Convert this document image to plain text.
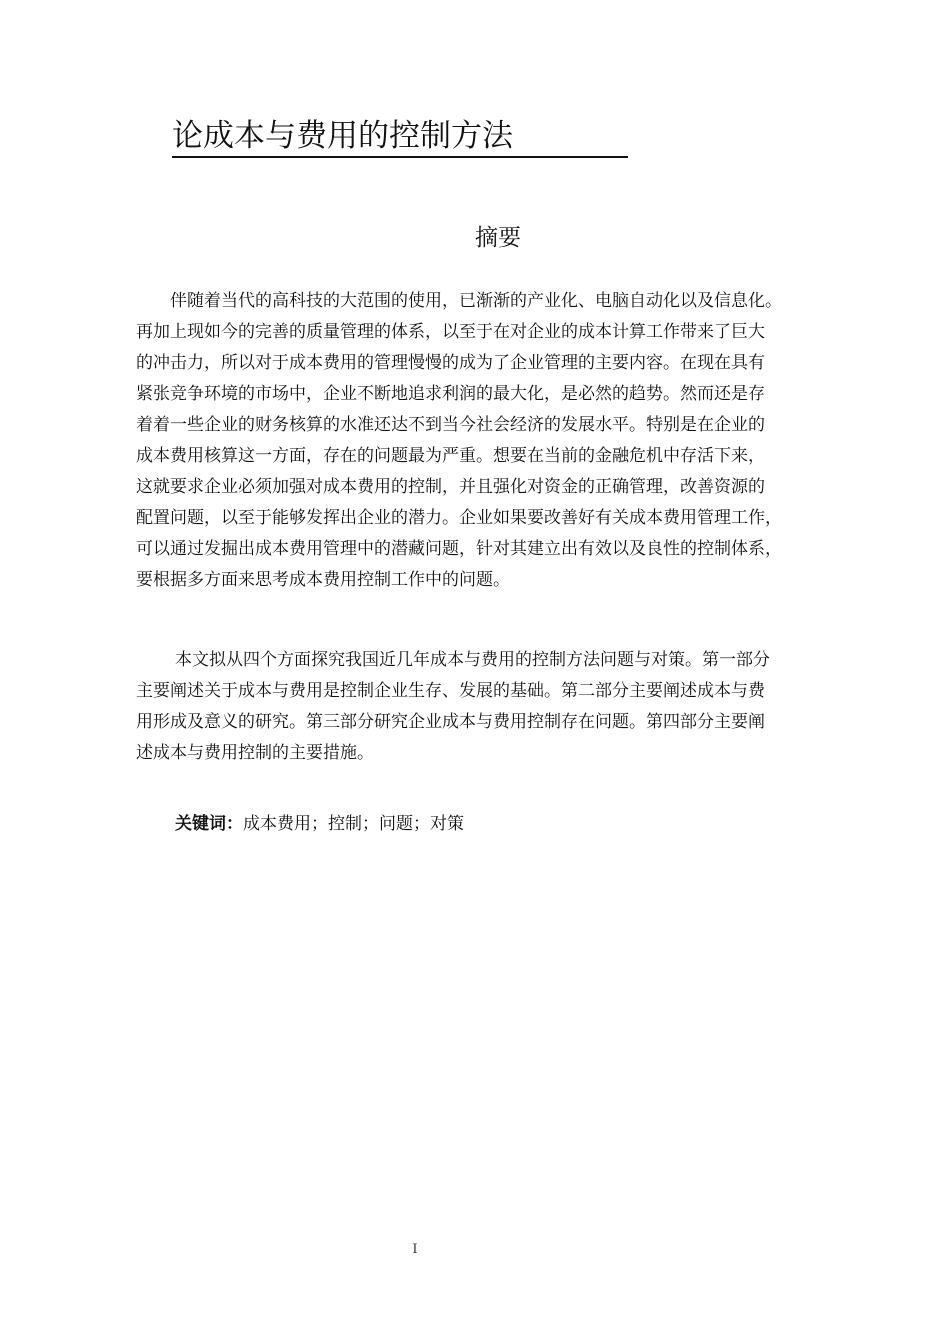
论成本与费用的控制方法
摘要
伴随着当代的高科技的大范围的使用，已渐渐的产业化、电脑自动化以及信息化。
再加上现如今的完善的质量管理的体系，以至于在对企业的成本计算工作带来了巨大
的冲击力，所以对于成本费用的管理慢慢的成为了企业管理的主要内容。在现在具有
紧张竞争环境的市场中，企业不断地追求利润的最大化，是必然的趋势。然而还是存
着着一些企业的财务核算的水准还达不到当今社会经济的发展水平。特别是在企业的
成本费用核算这一方面，存在的问题最为严重。想要在当前的金融危机中存活下来，
这就要求企业必须加强对成本费用的控制，并且强化对资金的正确管理，改善资源的
配置问题，以至于能够发挥出企业的潜力。企业如果要改善好有关成本费用管理工作，
可以通过发掘出成本费用管理中的潜藏问题，针对其建立出有效以及良性的控制体系，
要根据多方面来思考成本费用控制工作中的问题。
本文拟从四个方面探究我国近几年成本与费用的控制方法问题与对策。第一部分
主要阐述关于成本与费用是控制企业生存、发展的基础。第二部分主要阐述成本与费
用形成及意义的研究。第三部分研究企业成本与费用控制存在问题。第四部分主要阐
述成本与费用控制的主要措施。
关键词：成本费用；控制；问题；对策
I
